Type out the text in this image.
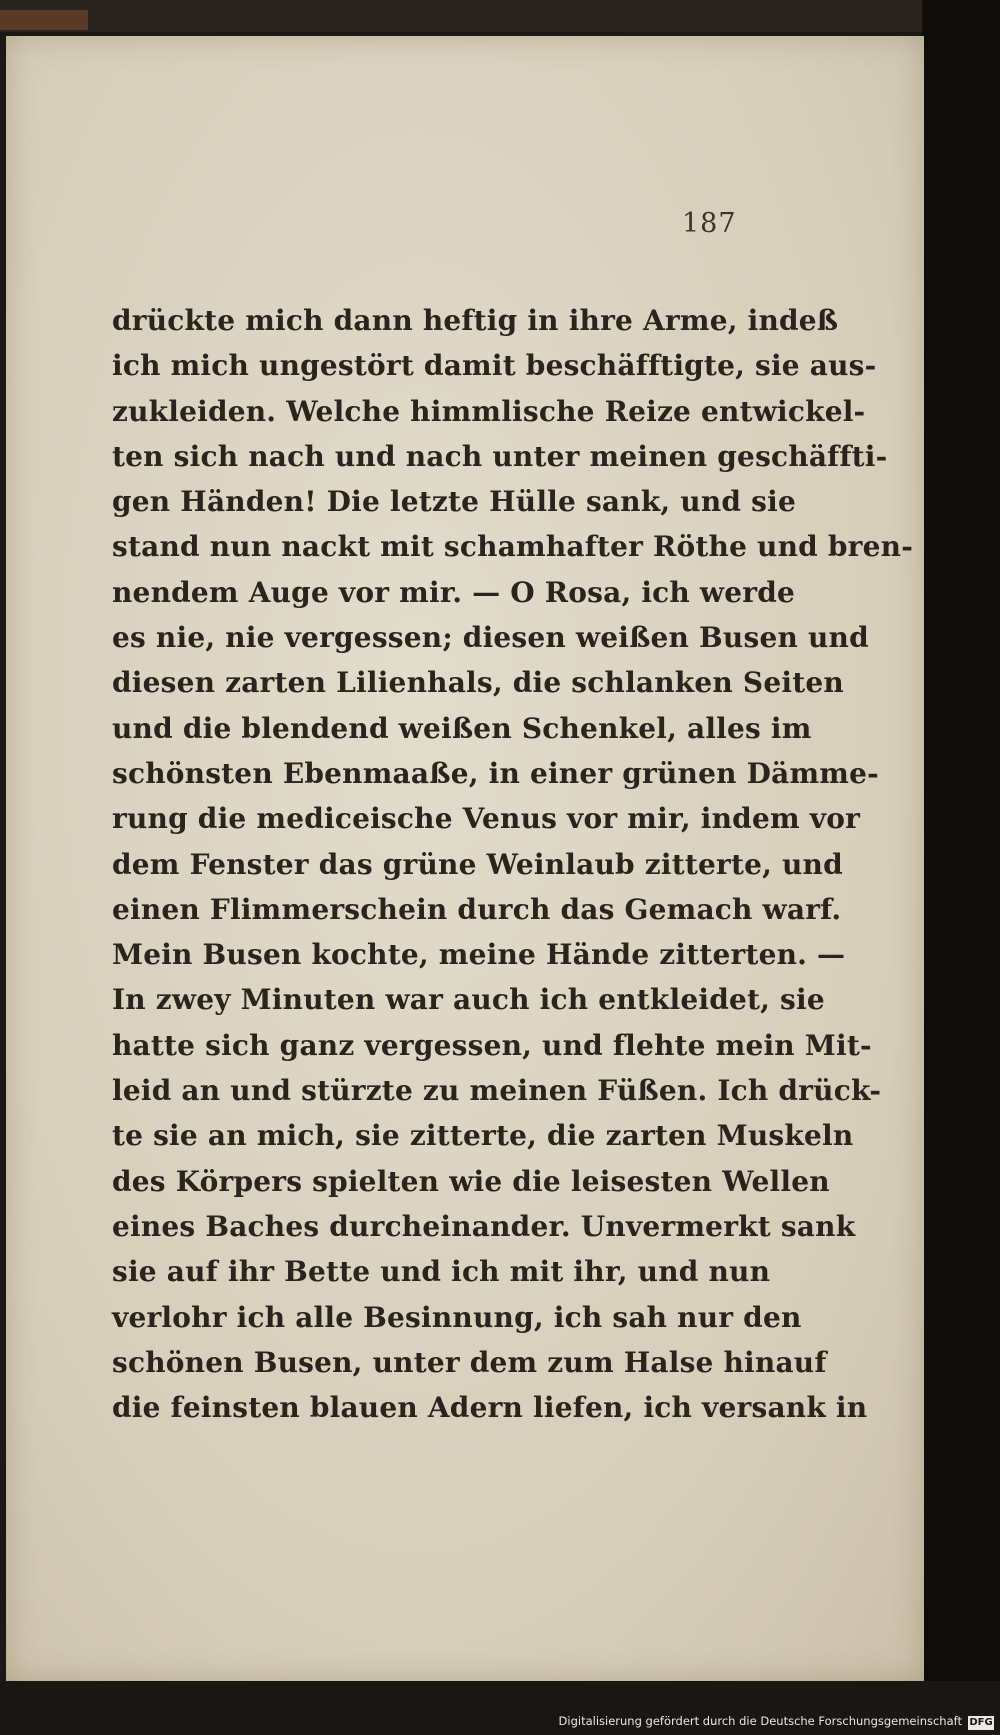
187
drückte mich dann heftig in ihre Arme, indeß
ich mich ungestört damit beschäfftigte, sie aus-
zukleiden. Welche himmlische Reize entwickel-
ten sich nach und nach unter meinen geschäffti-
gen Händen! Die letzte Hülle sank, und sie
stand nun nackt mit schamhafter Röthe und bren-
nendem Auge vor mir. — O Rosa, ich werde
es nie, nie vergessen; diesen weißen Busen und
diesen zarten Lilienhals, die schlanken Seiten
und die blendend weißen Schenkel, alles im
schönsten Ebenmaaße, in einer grünen Dämme-
rung die mediceische Venus vor mir, indem vor
dem Fenster das grüne Weinlaub zitterte, und
einen Flimmerschein durch das Gemach warf.
Mein Busen kochte, meine Hände zitterten. —
In zwey Minuten war auch ich entkleidet, sie
hatte sich ganz vergessen, und flehte mein Mit-
leid an und stürzte zu meinen Füßen. Ich drück-
te sie an mich, sie zitterte, die zarten Muskeln
des Körpers spielten wie die leisesten Wellen
eines Baches durcheinander. Unvermerkt sank
sie auf ihr Bette und ich mit ihr, und nun
verlohr ich alle Besinnung, ich sah nur den
schönen Busen, unter dem zum Halse hinauf
die feinsten blauen Adern liefen, ich versank in
Digitalisierung gefördert durch die Deutsche Forschungsgemeinschaft DFG
